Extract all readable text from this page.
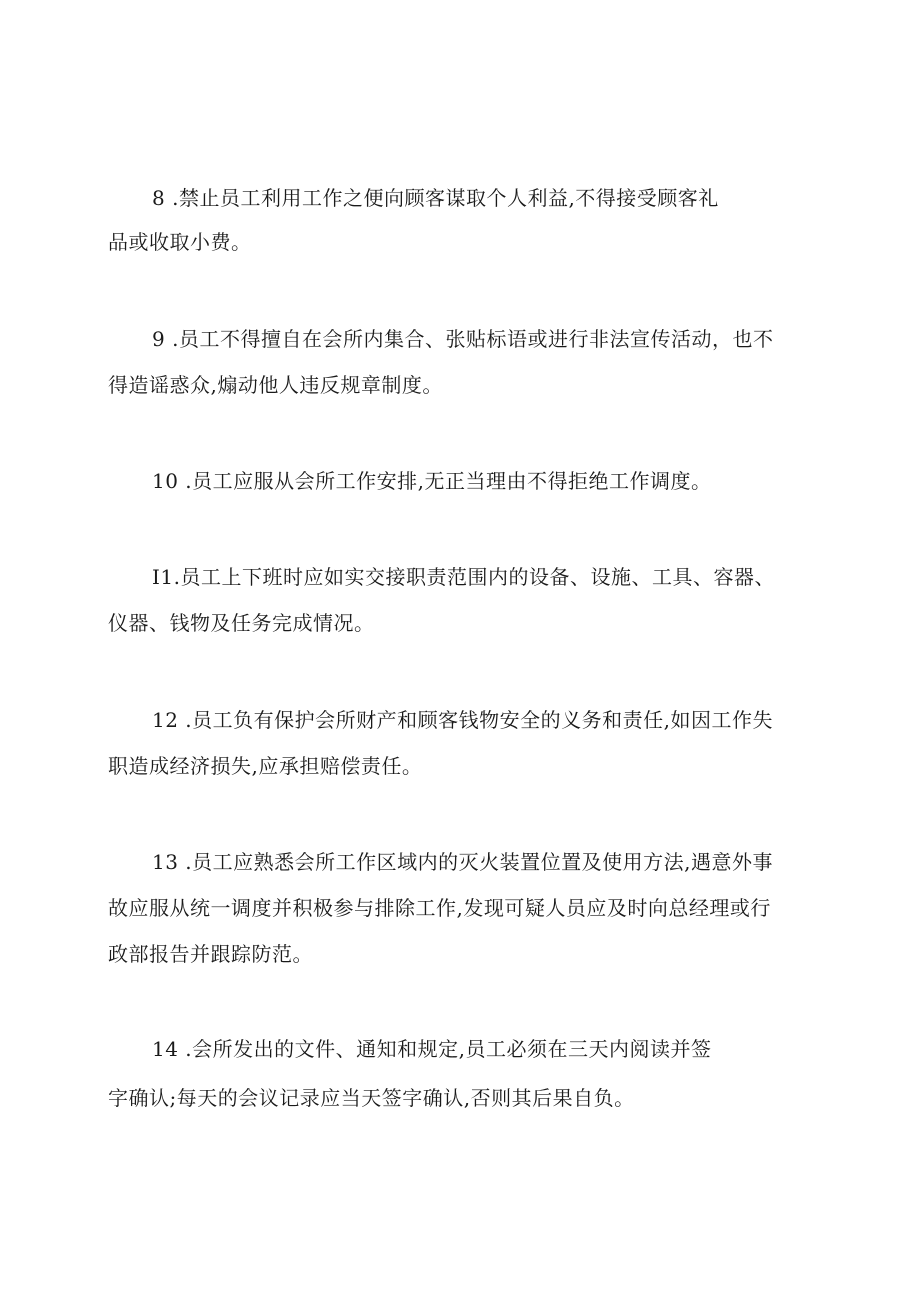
8 .禁止员工利用工作之便向顾客谋取个人利益,不得接受顾客礼
品或收取小费。
9 .员工不得擅自在会所内集合、张贴标语或进行非法宣传活动，也不
得造谣惑众,煽动他人违反规章制度。
10 .员工应服从会所工作安排,无正当理由不得拒绝工作调度。
I1.员工上下班时应如实交接职责范围内的设备、设施、工具、容器、
仪器、钱物及任务完成情况。
12 .员工负有保护会所财产和顾客钱物安全的义务和责任,如因工作失
职造成经济损失,应承担赔偿责任。
13 .员工应熟悉会所工作区域内的灭火装置位置及使用方法,遇意外事
故应服从统一调度并积极参与排除工作,发现可疑人员应及时向总经理或行
政部报告并跟踪防范。
14 .会所发出的文件、通知和规定,员工必须在三天内阅读并签
字确认;每天的会议记录应当天签字确认,否则其后果自负。
